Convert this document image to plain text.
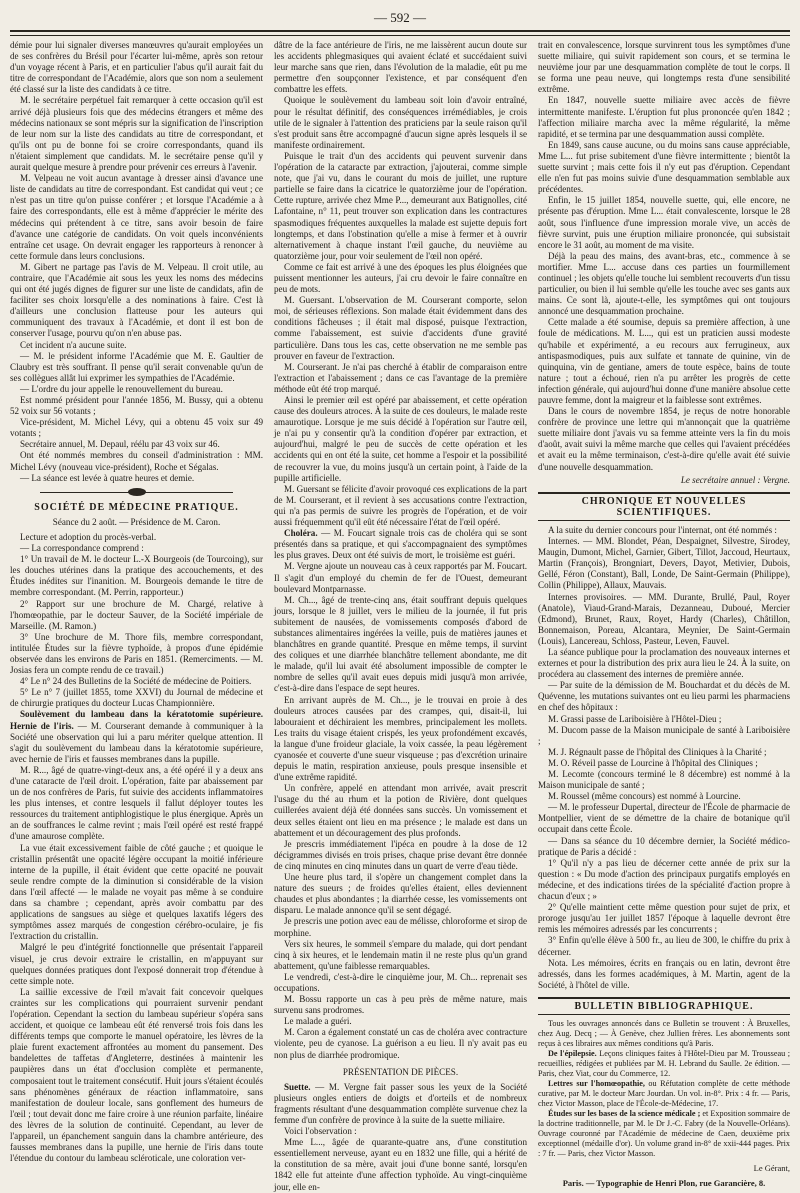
— 592 —

démie pour lui signaler diverses manœuvres qu'aurait employées un de ses confrères du Brésil pour l'écarter lui-même, après son retour d'un voyage récent à Paris, et en particulier l'abus qu'il aurait fait du titre de correspondant de l'Académie, alors que son nom a seulement été classé sur la liste des candidats à ce titre.

M. le secrétaire perpétuel fait remarquer à cette occasion qu'il est arrivé déjà plusieurs fois que des médecins étrangers et même des médecins nationaux se sont mépris sur la signification de l'inscription de leur nom sur la liste des candidats au titre de correspondant, et qu'ils ont pu de bonne foi se croire correspondants, quand ils n'étaient simplement que candidats. M. le secrétaire pense qu'il y aurait quelque mesure à prendre pour prévenir ces erreurs à l'avenir.

M. Velpeau ne voit aucun avantage à dresser ainsi d'avance une liste de candidats au titre de correspondant. Est candidat qui veut ; ce n'est pas un titre qu'on puisse conférer ; et lorsque l'Académie a à faire des correspondants, elle est à même d'apprécier le mérite des médecins qui prétendent à ce titre, sans avoir besoin de faire d'avance une catégorie de candidats. On voit quels inconvénients entraîne cet usage. On devrait engager les rapporteurs à renoncer à cette formule dans leurs conclusions.

M. Gibert ne partage pas l'avis de M. Velpeau. Il croit utile, au contraire, que l'Académie ait sous les yeux les noms des médecins qui ont été jugés dignes de figurer sur une liste de candidats, afin de faciliter ses choix lorsqu'elle a des nominations à faire. C'est là d'ailleurs une conclusion flatteuse pour les auteurs qui communiquent des travaux à l'Académie, et dont il est bon de conserver l'usage, pourvu qu'on n'en abuse pas.

Cet incident n'a aucune suite.

— M. le président informe l'Académie que M. E. Gaultier de Claubry est très souffrant. Il pense qu'il serait convenable qu'un de ses collègues allât lui exprimer les sympathies de l'Académie.

— L'ordre du jour appelle le renouvellement du bureau.

Est nommé président pour l'année 1856, M. Bussy, qui a obtenu 52 voix sur 56 votants ;

Vice-président, M. Michel Lévy, qui a obtenu 45 voix sur 49 votants ;

Secrétaire annuel, M. Depaul, réélu par 43 voix sur 46.

Ont été nommés membres du conseil d'administration : MM. Michel Lévy (nouveau vice-président), Roche et Ségalas.

— La séance est levée à quatre heures et demie.

SOCIÉTÉ DE MÉDECINE PRATIQUE.
Séance du 2 août. — Présidence de M. Caron.

Lecture et adoption du procès-verbal.

— La correspondance comprend :

1° Un travail de M. le docteur L.-X Bourgeois (de Tourcoing), sur les douches utérines dans la pratique des accouchements, et des Études inédites sur l'inanition. M. Bourgeois demande le titre de membre correspondant. (M. Perrin, rapporteur.)

2° Rapport sur une brochure de M. Chargé, relative à l'homœopathie, par le docteur Sauver, de la Société impériale de Marseille. (M. Ramon.)

3° Une brochure de M. Thore fils, membre correspondant, intitulée Études sur la fièvre typhoïde, à propos d'une épidémie observée dans les environs de Paris en 1851. (Remerciments. — M. Josias fera un compte rendu de ce travail.)

4° Le n° 24 des Bulletins de la Société de médecine de Poitiers.

5° Le n° 7 (juillet 1855, tome XXVI) du Journal de médecine et de chirurgie pratiques du docteur Lucas Championnière.

Soulèvement du lambeau dans la kératotomie supérieure. Hernie de l'iris. — M. Courserant demande à communiquer à la Société une observation qui lui a paru mériter quelque attention. Il s'agit du soulèvement du lambeau dans la kératotomie supérieure, avec hernie de l'iris et fausses membranes dans la pupille.

M. R..., âgé de quatre-vingt-deux ans, a été opéré il y a deux ans d'une cataracte de l'œil droit. L'opération, faite par abaissement par un de nos confrères de Paris, fut suivie des accidents inflammatoires les plus intenses, et contre lesquels il fallut déployer toutes les ressources du traitement antiphlogistique le plus énergique. Après un an de souffrances le calme revint ; mais l'œil opéré est resté frappé d'une amaurose complète.

La vue était excessivement faible de côté gauche ; et quoique le cristallin présentât une opacité légère occupant la moitié inférieure interne de la pupille, il était évident que cette opacité ne pouvait seule rendre compte de la diminution si considérable de la vision dans l'œil affecté — le malade ne voyait pas même à se conduire dans sa chambre ; cependant, après avoir combattu par des applications de sangsues au siège et quelques laxatifs légers des symptômes assez marqués de congestion cérébro-oculaire, je fis l'extraction du cristallin.

Malgré le peu d'intégrité fonctionnelle que présentait l'appareil visuel, je crus devoir extraire le cristallin, en m'appuyant sur quelques données pratiques dont l'exposé donnerait trop d'étendue à cette simple note.

La saillie excessive de l'œil m'avait fait concevoir quelques craintes sur les complications qui pourraient survenir pendant l'opération. Cependant la section du lambeau supérieur s'opéra sans accident, et quoique ce lambeau eût été renversé trois fois dans les différents temps que comporte le manuel opératoire, les lèvres de la plaie furent exactement affrontées au moment du pansement. Des bandelettes de taffetas d'Angleterre, destinées à maintenir les paupières dans un état d'occlusion complète et permanente, composaient tout le traitement consécutif. Huit jours s'étaient écoulés sans phénomènes généraux de réaction inflammatoire, sans manifestation de douleur locale, sans gonflement des humeurs de l'œil ; tout devait donc me faire croire à une réunion parfaite, linéaire des lèvres de la solution de continuité. Cependant, au lever de l'appareil, un épanchement sanguin dans la chambre antérieure, des fausses membranes dans la pupille, une hernie de l'iris dans toute l'étendue du contour du lambeau scléroticale, une coloration ver-

dâtre de la face antérieure de l'iris, ne me laissèrent aucun doute sur les accidents phlegmasiques qui avaient éclaté et succédaient suivi leur marche sans que rien, dans l'évolution de la maladie, eût pu me permettre d'en soupçonner l'existence, et par conséquent d'en combattre les effets.

Quoique le soulèvement du lambeau soit loin d'avoir entraîné, pour le résultat définitif, des conséquences irrémédiables, je crois utile de le signaler à l'attention des praticiens par la seule raison qu'il s'est produit sans être accompagné d'aucun signe après lesquels il se manifeste ordinairement.

Puisque le trait d'un des accidents qui peuvent survenir dans l'opération de la cataracte par extraction, j'ajouterai, comme simple note, que j'ai vu, dans le courant du mois de juillet, une rupture partielle se faire dans la cicatrice le quatorzième jour de l'opération. Cette rupture, arrivée chez Mme P..., demeurant aux Batignolles, cité Lafontaine, n° 11, peut trouver son explication dans les contractures spasmodiques fréquentes auxquelles la malade est sujette depuis fort longtemps, et dans l'obstination qu'elle a mise à fermer et à ouvrir alternativement à chaque instant l'œil gauche, du neuvième au quatorzième jour, pour voir seulement de l'œil non opéré.

Comme ce fait est arrivé à une des époques les plus éloignées que puissent mentionner les auteurs, j'ai cru devoir le faire connaître en peu de mots.

M. Guersant. L'observation de M. Courserant comporte, selon moi, de sérieuses réflexions. Son malade était évidemment dans des conditions fâcheuses ; il était mal disposé, puisque l'extraction, comme l'abaissement, est suivie d'accidents d'une gravité particulière. Dans tous les cas, cette observation ne me semble pas prouver en faveur de l'extraction.

M. Courserant. Je n'ai pas cherché à établir de comparaison entre l'extraction et l'abaissement ; dans ce cas l'avantage de la première méthode eût été trop marqué.

Ainsi le premier œil est opéré par abaissement, et cette opération cause des douleurs atroces. À la suite de ces douleurs, le malade reste amaurotique. Lorsque je me suis décidé à l'opération sur l'autre œil, je n'ai pu y consentir qu'à la condition d'opérer par extraction, et aujourd'hui, malgré le peu de succès de cette opération et les accidents qui en ont été la suite, cet homme a l'espoir et la possibilité de recouvrer la vue, du moins jusqu'à un certain point, à l'aide de la pupille artificielle.

M. Guersant se félicite d'avoir provoqué ces explications de la part de M. Courserant, et il revient à ses accusations contre l'extraction, qui n'a pas permis de suivre les progrès de l'opération, et de voir aussi fréquemment qu'il eût été nécessaire l'état de l'œil opéré.

Choléra. — M. Foucart signale trois cas de choléra qui se sont présentés dans sa pratique, et qui s'accompagnaient des symptômes les plus graves. Deux ont été suivis de mort, le troisième est guéri.

M. Vergne ajoute un nouveau cas à ceux rapportés par M. Foucart. Il s'agit d'un employé du chemin de fer de l'Ouest, demeurant boulevard Montparnasse.

M. Ch..., âgé de trente-cinq ans, était souffrant depuis quelques jours, lorsque le 8 juillet, vers le milieu de la journée, il fut pris subitement de nausées, de vomissements composés d'abord de substances alimentaires ingérées la veille, puis de matières jaunes et blanchâtres en grande quantité. Presque en même temps, il survint des coliques et une diarrhée blanchâtre tellement abondante, me dit le malade, qu'il lui avait été absolument impossible de compter le nombre de selles qu'il avait eues depuis midi jusqu'à mon arrivée, c'est-à-dire dans l'espace de sept heures.

En arrivant auprès de M. Ch..., je le trouvai en proie à des douleurs atroces causées par des crampes, qui, disait-il, lui labouraient et déchiraient les membres, principalement les mollets. Les traits du visage étaient crispés, les yeux profondément excavés, la langue d'une froideur glaciale, la voix cassée, la peau légèrement cyanosée et couverte d'une sueur visqueuse ; pas d'excrétion urinaire depuis le matin, respiration anxieuse, pouls presque insensible et d'une extrême rapidité.

Un confrère, appelé en attendant mon arrivée, avait prescrit l'usage du thé au rhum et la potion de Rivière, dont quelques cuillerées avaient déjà été données sans succès. Un vomissement et deux selles étaient ont lieu en ma présence ; le malade est dans un abattement et un découragement des plus profonds.

Je prescris immédiatement l'ipéca en poudre à la dose de 12 décigrammes divisés en trois prises, chaque prise devant être donnée de cinq minutes en cinq minutes dans un quart de verre d'eau tiède.

Une heure plus tard, il s'opère un changement complet dans la nature des sueurs ; de froides qu'elles étaient, elles deviennent chaudes et plus abondantes ; la diarrhée cesse, les vomissements ont disparu. Le malade annonce qu'il se sent dégagé.

Je prescris une potion avec eau de mélisse, chloroforme et sirop de morphine.

Vers six heures, le sommeil s'empare du malade, qui dort pendant cinq à six heures, et le lendemain matin il ne reste plus qu'un grand abattement, qu'une faiblesse remarquables.

Le vendredi, c'est-à-dire le cinquième jour, M. Ch... reprenait ses occupations.

M. Bossu rapporte un cas à peu près de même nature, mais survenu sans prodromes.

Le malade a guéri.

M. Caron a également constaté un cas de choléra avec contracture violente, peu de cyanose. La guérison a eu lieu. Il n'y avait pas eu non plus de diarrhée prodromique.

PRÉSENTATION DE PIÈCES.

Suette. — M. Vergne fait passer sous les yeux de la Société plusieurs ongles entiers de doigts et d'orteils et de nombreux fragments résultant d'une desquammation complète survenue chez la femme d'un confrère de province à la suite de la suette miliaire.

Voici l'observation :

Mme L..., âgée de quarante-quatre ans, d'une constitution essentiellement nerveuse, ayant eu en 1832 une fille, qui a hérité de la constitution de sa mère, avait joui d'une bonne santé, lorsqu'en 1842 elle fut atteinte d'une affection typhoïde. Au vingt-cinquième jour, elle en-

trait en convalescence, lorsque survinrent tous les symptômes d'une suette miliaire, qui suivit rapidement son cours, et se termina le neuvième jour par une desquammation complète de tout le corps. Il se forma une peau neuve, qui longtemps resta d'une sensibilité extrême.

En 1847, nouvelle suette miliaire avec accès de fièvre intermittente manifeste. L'éruption fut plus prononcée qu'en 1842 ; l'affection miliaire marcha avec la même régularité, la même rapidité, et se termina par une desquammation aussi complète.

En 1849, sans cause aucune, ou du moins sans cause appréciable, Mme L... fut prise subitement d'une fièvre intermittente ; bientôt la suette survint ; mais cette fois il n'y eut pas d'éruption. Cependant elle n'en fut pas moins suivie d'une desquammation semblable aux précédentes.

Enfin, le 15 juillet 1854, nouvelle suette, qui, elle encore, ne présente pas d'éruption. Mme L... était convalescente, lorsque le 28 août, sous l'influence d'une impression morale vive, un accès de fièvre survint, puis une éruption miliaire prononcée, qui subsistait encore le 31 août, au moment de ma visite.

Déjà la peau des mains, des avant-bras, etc., commence à se mortifier. Mme L... accuse dans ces parties un fourmillement continuel ; les objets qu'elle touche lui semblent recouverts d'un tissu particulier, ou bien il lui semble qu'elle les touche avec ses gants aux mains. Ce sont là, ajoute-t-elle, les symptômes qui ont toujours annoncé une desquammation prochaine.

Cette malade a été soumise, depuis sa première affection, à une foule de médications. M. L..., qui est un praticien aussi modeste qu'habile et expérimenté, a eu recours aux ferrugineux, aux antispasmodiques, puis aux sulfate et tannate de quinine, vin de quinquina, vin de gentiane, amers de toute espèce, bains de toute nature ; tout a échoué, rien n'a pu arrêter les progrès de cette infection générale, qui aujourd'hui donne d'une manière absolue cette pauvre femme, dont la maigreur et la faiblesse sont extrêmes.

Dans le cours de novembre 1854, je reçus de notre honorable confrère de province une lettre qui m'annonçait que la quatrième suette miliaire dont j'avais vu sa femme atteinte vers la fin du mois d'août, avait suivi la même marche que celles qui l'avaient précédées et avait eu la même terminaison, c'est-à-dire qu'elle avait été suivie d'une nouvelle desquammation.

Le secrétaire annuel : Vergne.
CHRONIQUE ET NOUVELLES SCIENTIFIQUES.

A la suite du dernier concours pour l'internat, ont été nommés :

Internes. — MM. Blondet, Péan, Despaignet, Silvestre, Sirodey, Maugin, Dumont, Michel, Garnier, Gibert, Tillot, Jaccoud, Heurtaux, Martin (François), Brongniart, Devers, Dayot, Metivier, Dubois, Gellé, Féron (Constant), Ball, Londe, De Saint-Germain (Philippe), Collin (Philippe), Allaux, Mauvais.

Internes provisoires. — MM. Durante, Brullé, Paul, Royer (Anatole), Viaud-Grand-Marais, Dezanneau, Duboué, Mercier (Edmond), Brunet, Raux, Royet, Hardy (Charles), Châtillon, Bonnemaison, Poreau, Alcantara, Meynier, De Saint-Germain (Louis), Lancereau, Schloss, Pasteur, Leven, Fauvel.

La séance publique pour la proclamation des nouveaux internes et externes et pour la distribution des prix aura lieu le 24. À la suite, on procédera au classement des internes de première année.

— Par suite de la démission de M. Bouchardat et du décès de M. Quévenne, les mutations suivantes ont eu lieu parmi les pharmaciens en chef des hôpitaux :

M. Grassi passe de Lariboisière à l'Hôtel-Dieu ;

M. Ducom passe de la Maison municipale de santé à Lariboisière ;

M. J. Régnault passe de l'hôpital des Cliniques à la Charité ;

M. O. Réveil passe de Lourcine à l'hôpital des Cliniques ;

M. Lecomte (concours terminé le 8 décembre) est nommé à la Maison municipale de santé ;

M. Roussel (même concours) est nommé à Lourcine.

— M. le professeur Dupertal, directeur de l'École de pharmacie de Montpellier, vient de se démettre de la chaire de botanique qu'il occupait dans cette École.

— Dans sa séance du 10 décembre dernier, la Société médico-pratique de Paris a décidé :

1° Qu'il n'y a pas lieu de décerner cette année de prix sur la question : « Du mode d'action des principaux purgatifs employés en médecine, et des indications tirées de la spécialité d'action propre à chacun d'eux ; »

2° Qu'elle maintient cette même question pour sujet de prix, et proroge jusqu'au 1er juillet 1857 l'époque à laquelle devront être remis les mémoires adressés par les concurrents ;

3° Enfin qu'elle élève à 500 fr., au lieu de 300, le chiffre du prix à décerner.

Nota. Les mémoires, écrits en français ou en latin, devront être adressés, dans les formes académiques, à M. Martin, agent de la Société, à l'hôtel de ville.

BULLETIN BIBLIOGRAPHIQUE.

Tous les ouvrages annoncés dans ce Bulletin se trouvent : À Bruxelles, chez Aug. Decq ; — À Genève, chez Jullien frères. Les abonnements sont reçus à ces libraires aux mêmes conditions qu'à Paris.

De l'épilepsie. Leçons cliniques faites à l'Hôtel-Dieu par M. Trousseau ; recueillies, rédigées et publiées par M. H. Lebrand du Saulle. 2e édition. — Paris, chez Viat, cour du Commerce, 12.

Lettres sur l'homœopathie, ou Réfutation complète de cette méthode curative, par M. le docteur Marc Jourdan. Un vol. in-8°. Prix : 4 fr. — Paris, chez Victor Masson, place de l'École-de-Médecine, 17.

Études sur les bases de la science médicale ; et Exposition sommaire de la doctrine traditionnelle, par M. le Dr J.-C. Fabry (de la Nouvelle-Orléans). Ouvrage couronné par l'Académie de médecine de Caen, deuxième prix exceptionnel (médaille d'or). Un volume grand in-8° de xxii-444 pages. Prix : 7 fr. — Paris, chez Victor Masson.

Le Gérant,
Paris. — Typographie de Henri Plon, rue Garancière, 8.
